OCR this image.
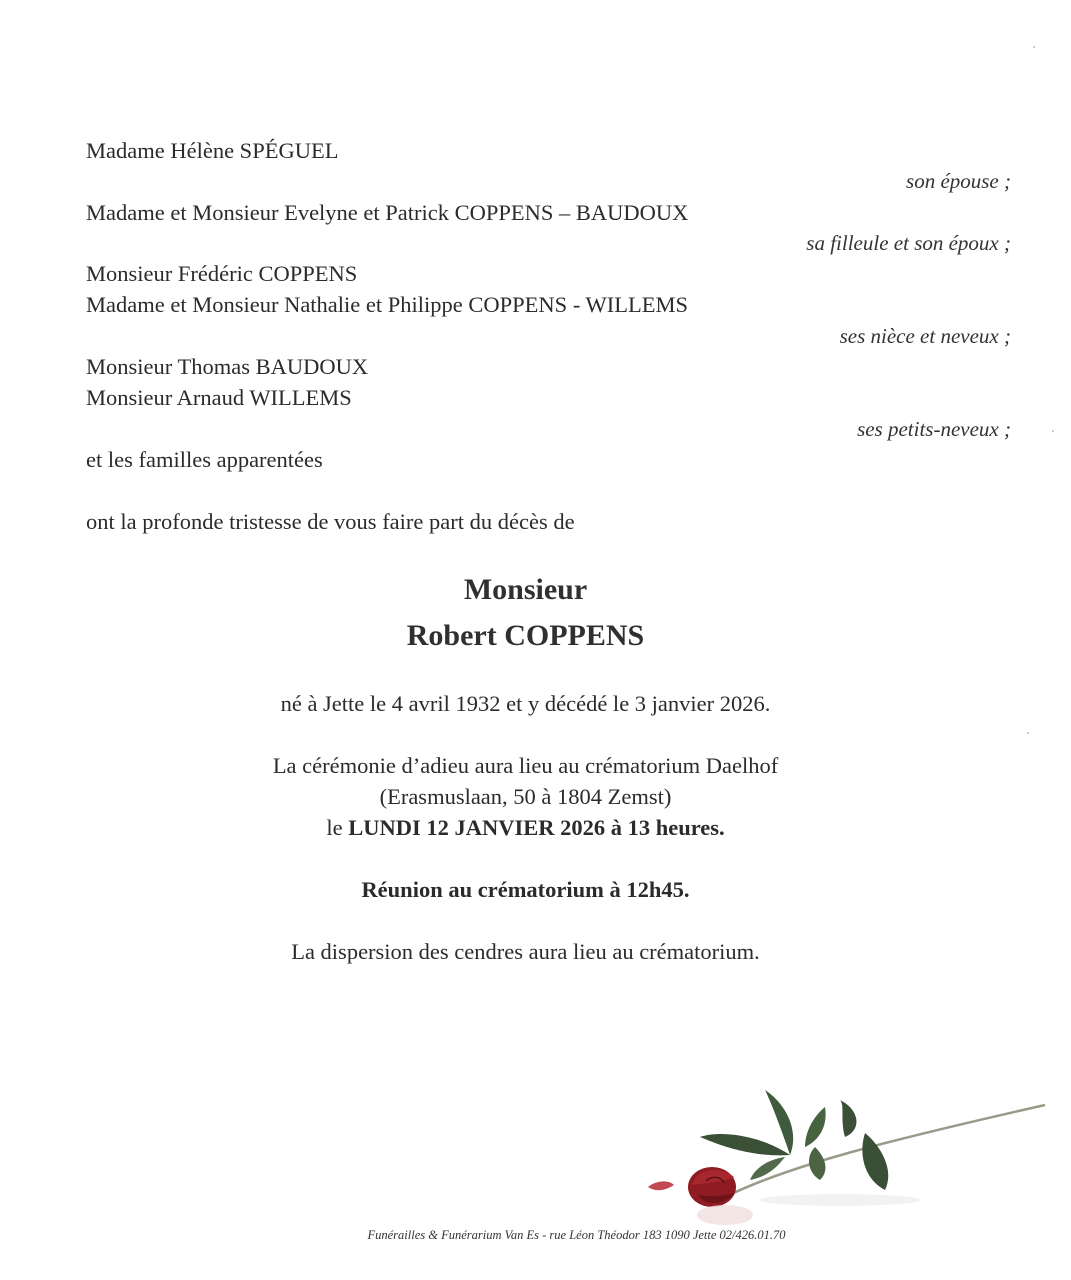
Madame Hélène SPÉGUEL
son épouse ;
Madame et Monsieur Evelyne et Patrick COPPENS – BAUDOUX
sa filleule et son époux ;
Monsieur Frédéric COPPENS
Madame et Monsieur Nathalie et Philippe COPPENS - WILLEMS
ses nièce et neveux ;
Monsieur Thomas BAUDOUX
Monsieur Arnaud WILLEMS
ses petits-neveux ;
et les familles apparentées
ont la profonde tristesse de vous faire part du décès de
Monsieur
Robert COPPENS
né à Jette le 4 avril 1932 et y décédé le 3 janvier 2026.
La cérémonie d’adieu aura lieu au crématorium Daelhof
(Erasmuslaan, 50 à 1804 Zemst)
le LUNDI 12 JANVIER 2026 à 13 heures.
Réunion au crématorium à 12h45.
La dispersion des cendres aura lieu au crématorium.
Funérailles & Funérarium Van Es - rue Léon Théodor 183 1090 Jette 02/426.01.70
